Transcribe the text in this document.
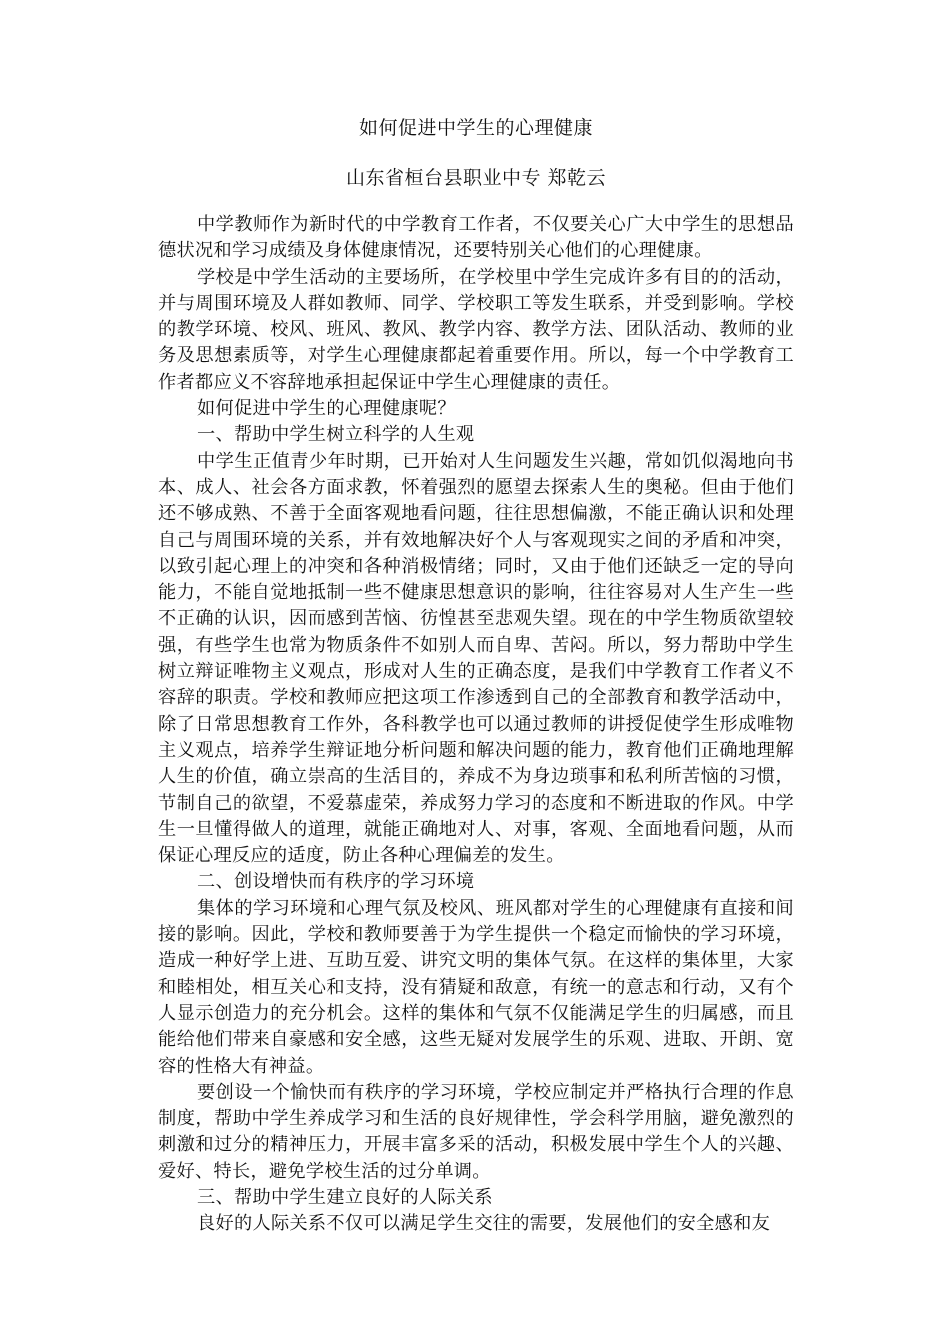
如何促进中学生的心理健康
山东省桓台县职业中专 郑乾云

中学教师作为新时代的中学教育工作者，不仅要关心广大中学生的思想品德状况和学习成绩及身体健康情况，还要特别关心他们的心理健康。

学校是中学生活动的主要场所，在学校里中学生完成许多有目的的活动，并与周围环境及人群如教师、同学、学校职工等发生联系，并受到影响。学校的教学环境、校风、班风、教风、教学内容、教学方法、团队活动、教师的业务及思想素质等，对学生心理健康都起着重要作用。所以，每一个中学教育工作者都应义不容辞地承担起保证中学生心理健康的责任。

如何促进中学生的心理健康呢？

一、帮助中学生树立科学的人生观

中学生正值青少年时期，已开始对人生问题发生兴趣，常如饥似渴地向书本、成人、社会各方面求教，怀着强烈的愿望去探索人生的奥秘。但由于他们还不够成熟、不善于全面客观地看问题，往往思想偏激，不能正确认识和处理自己与周围环境的关系，并有效地解决好个人与客观现实之间的矛盾和冲突，以致引起心理上的冲突和各种消极情绪；同时，又由于他们还缺乏一定的导向能力，不能自觉地抵制一些不健康思想意识的影响，往往容易对人生产生一些不正确的认识，因而感到苦恼、彷惶甚至悲观失望。现在的中学生物质欲望较强，有些学生也常为物质条件不如别人而自卑、苦闷。所以，努力帮助中学生树立辩证唯物主义观点，形成对人生的正确态度，是我们中学教育工作者义不容辞的职责。学校和教师应把这项工作渗透到自己的全部教育和教学活动中，除了日常思想教育工作外，各科教学也可以通过教师的讲授促使学生形成唯物主义观点，培养学生辩证地分析问题和解决问题的能力，教育他们正确地理解人生的价值，确立崇高的生活目的，养成不为身边琐事和私利所苦恼的习惯，节制自己的欲望，不爱慕虚荣，养成努力学习的态度和不断进取的作风。中学生一旦懂得做人的道理，就能正确地对人、对事，客观、全面地看问题，从而保证心理反应的适度，防止各种心理偏差的发生。

二、创设增快而有秩序的学习环境

集体的学习环境和心理气氛及校风、班风都对学生的心理健康有直接和间接的影响。因此，学校和教师要善于为学生提供一个稳定而愉快的学习环境，造成一种好学上进、互助互爱、讲究文明的集体气氛。在这样的集体里，大家和睦相处，相互关心和支持，没有猜疑和敌意，有统一的意志和行动，又有个人显示创造力的充分机会。这样的集体和气氛不仅能满足学生的归属感，而且能给他们带来自豪感和安全感，这些无疑对发展学生的乐观、进取、开朗、宽容的性格大有神益。

要创设一个愉快而有秩序的学习环境，学校应制定并严格执行合理的作息制度，帮助中学生养成学习和生活的良好规律性，学会科学用脑，避免激烈的刺激和过分的精神压力，开展丰富多采的活动，积极发展中学生个人的兴趣、爱好、特长，避免学校生活的过分单调。

三、帮助中学生建立良好的人际关系

良好的人际关系不仅可以满足学生交往的需要，发展他们的安全感和友
